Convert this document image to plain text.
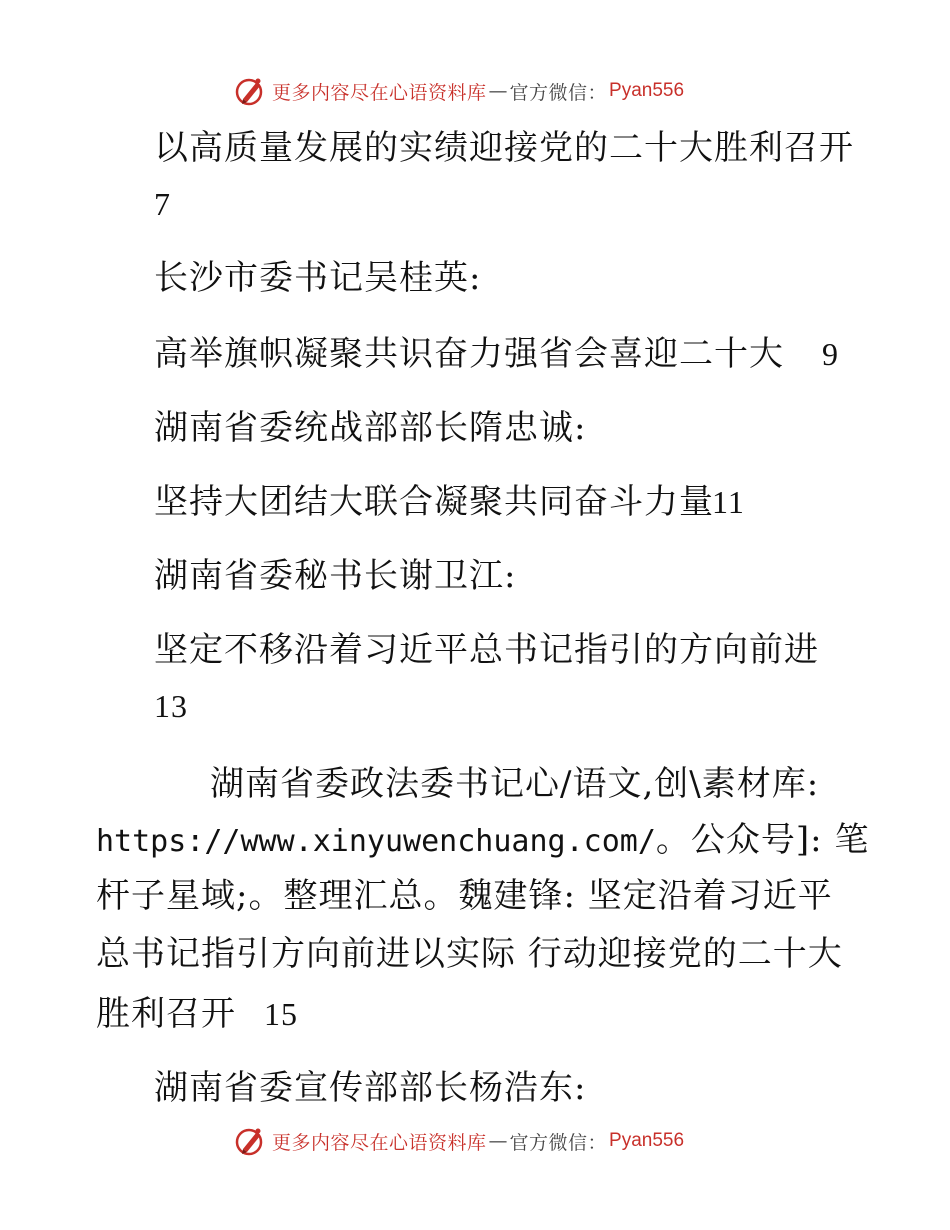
更多内容尽在心语资料库 — 官方微信： Pyan556
以高质量发展的实绩迎接党的二十大胜利召开
7
长沙市委书记吴桂英:
高举旗帜凝聚共识奋力强省会喜迎二十大 9
湖南省委统战部部长隋忠诚:
坚持大团结大联合凝聚共同奋斗力量
11
湖南省委秘书长谢卫江:
坚定不移沿着习近平总书记指引的方向前进
13
湖南省委政法委书记心/语文,创\素材库:
https://www.xinyuwenchuang.com/。公众号]: 笔
杆子星域;。整理汇总。魏建锋: 坚定沿着习近平
总书记指引方向前进以实际 行动迎接党的二十大
胜利召开 15
湖南省委宣传部部长杨浩东:
更多内容尽在心语资料库 — 官方微信： Pyan556
